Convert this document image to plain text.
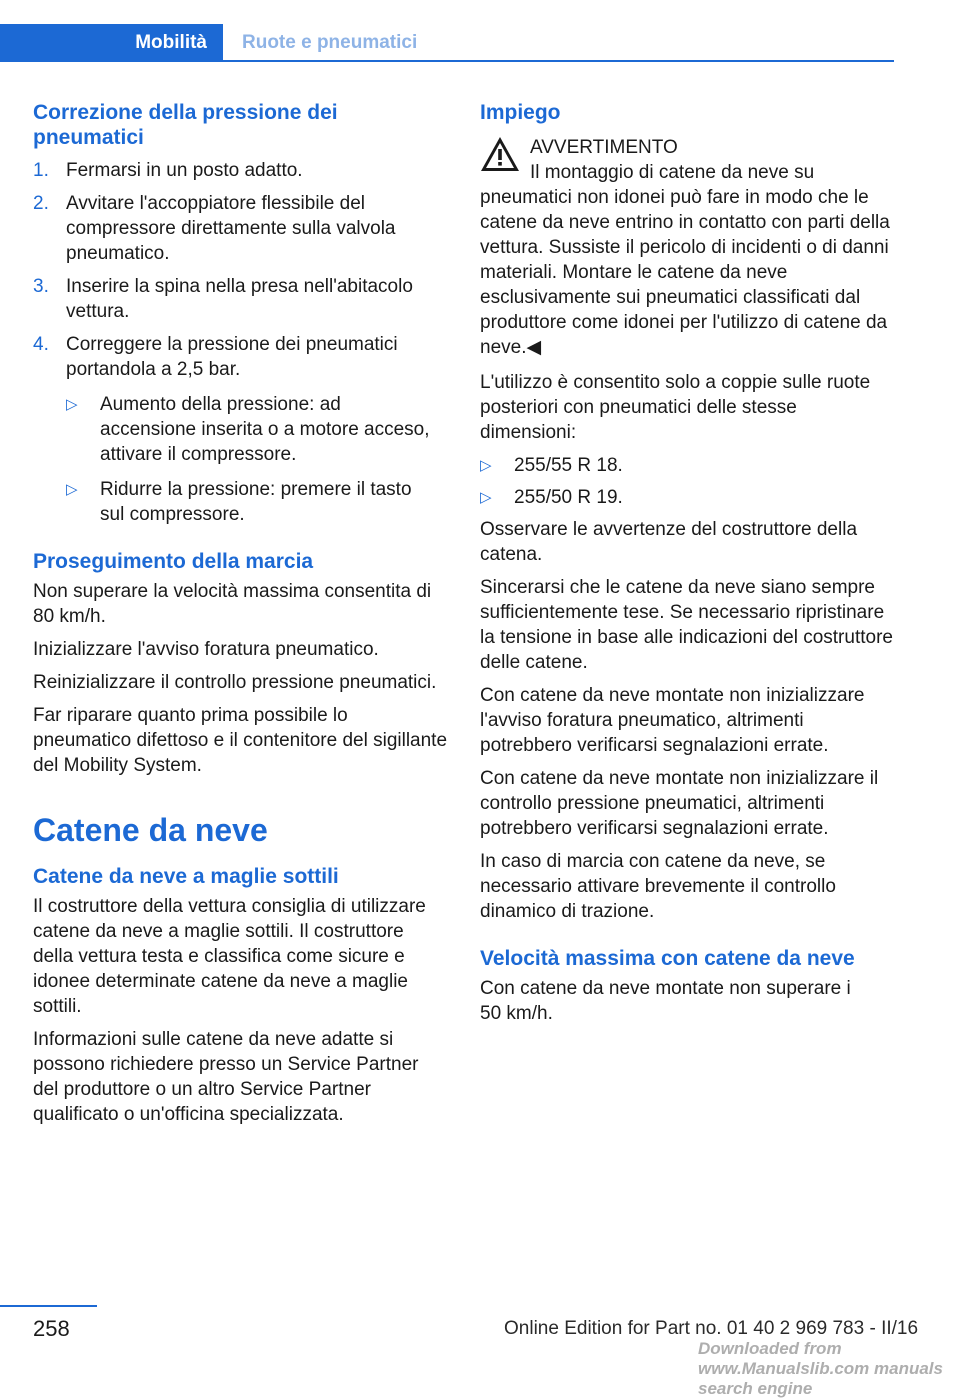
Mobilità	Ruote e pneumatici
Correzione della pressione dei pneumatici
1. Fermarsi in un posto adatto.
2. Avvitare l'accoppiatore flessibile del compressore direttamente sulla valvola pneumatico.
3. Inserire la spina nella presa nell'abitacolo vettura.
4. Correggere la pressione dei pneumatici portandola a 2,5 bar.
▷ Aumento della pressione: ad accensione inserita o a motore acceso, attivare il compressore.
▷ Ridurre la pressione: premere il tasto sul compressore.
Proseguimento della marcia

Non superare la velocità massima consentita di 80 km/h.

Inizializzare l'avviso foratura pneumatico.

Reinizializzare il controllo pressione pneumatici.

Far riparare quanto prima possibile lo pneumatico difettoso e il contenitore del sigillante del Mobility System.

Catene da neve
Catene da neve a maglie sottili

Il costruttore della vettura consiglia di utilizzare catene da neve a maglie sottili. Il costruttore della vettura testa e classifica come sicure e idonee determinate catene da neve a maglie sottili.

Informazioni sulle catene da neve adatte si possono richiedere presso un Service Partner del produttore o un altro Service Partner qualificato o un'officina specializzata.

Impiego

AVVERTIMENTO

Il montaggio di catene da neve su pneumatici non idonei può fare in modo che le catene da neve entrino in contatto con parti della vettura. Sussiste il pericolo di incidenti o di danni materiali. Montare le catene da neve esclusivamente sui pneumatici classificati dal produttore come idonei per l'utilizzo di catene da neve.◀

L'utilizzo è consentito solo a coppie sulle ruote posteriori con pneumatici delle stesse dimensioni:

▷ 255/55 R 18.
▷ 255/50 R 19.

Osservare le avvertenze del costruttore della catena.

Sincerarsi che le catene da neve siano sempre sufficientemente tese. Se necessario ripristinare la tensione in base alle indicazioni del costruttore delle catene.

Con catene da neve montate non inizializzare l'avviso foratura pneumatico, altrimenti potrebbero verificarsi segnalazioni errate.

Con catene da neve montate non inizializzare il controllo pressione pneumatici, altrimenti potrebbero verificarsi segnalazioni errate.

In caso di marcia con catene da neve, se necessario attivare brevemente il controllo dinamico di trazione.

Velocità massima con catene da neve

Con catene da neve montate non superare i 50 km/h.

258	Online Edition for Part no. 01 40 2 969 783 - II/16
Downloaded from www.Manualslib.com manuals search engine
